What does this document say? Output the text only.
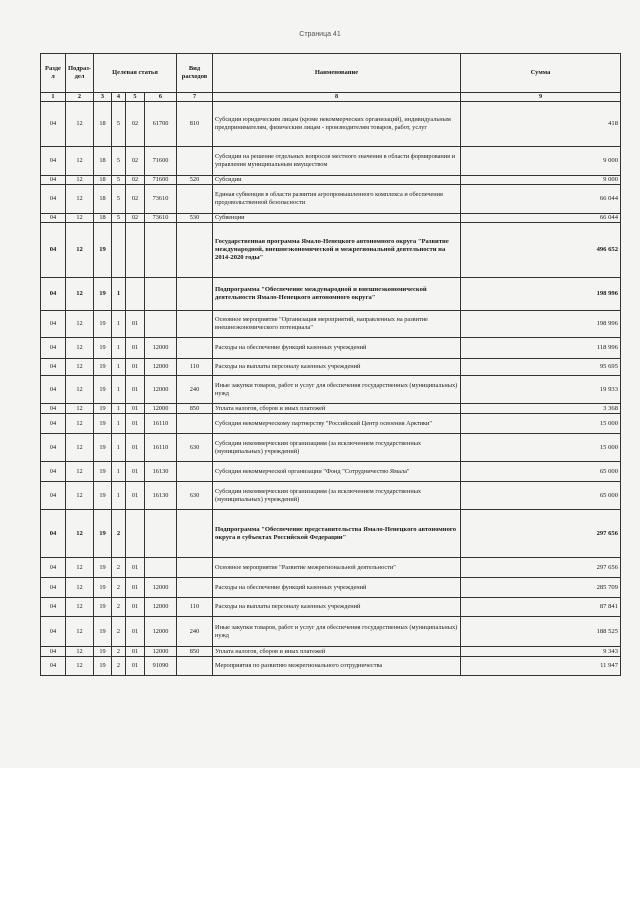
Страница 41
Разде л	Подраз- дел	Целевая статья				Вид расходов	Наименование	Сумма
1	2	3	4	5	6	7	8	9
04	12	18	5	02	61700	810	Субсидии юридическим лицам (кроме некоммерческих организаций), индивидуальным предпринимателям, физическим лицам - производителям товаров, работ, услуг	418
04	12	18	5	02	71600		Субсидии на решение отдельных вопросов местного значения в области формирования и управления муниципальным имуществом	9 000
04	12	18	5	02	71600	520	Субсидии	9 000
04	12	18	5	02	73610		Единая субвенция в области развития агропромышленного комплекса и обеспечения продовольственной безопасности	66 044
04	12	18	5	02	73610	530	Субвенции	66 044
04	12	19					Государственная программа Ямало-Ненецкого автономного округа "Развитие международной, внешнеэкономической и межрегиональной деятельности на 2014-2020 годы"	496 652
04	12	19	1				Подпрограмма "Обеспечение международной и внешнеэкономической деятельности Ямало-Ненецкого автономного округа"	198 996
04	12	19	1	01			Основное мероприятие "Организация мероприятий, направленных на развитие внешнеэкономического потенциала"	198 996
04	12	19	1	01	12000		Расходы на обеспечение функций казенных учреждений	118 996
04	12	19	1	01	12000	110	Расходы на выплаты персоналу казенных учреждений	95 695
04	12	19	1	01	12000	240	Иные закупки товаров, работ и услуг для обеспечения государственных (муниципальных) нужд	19 933
04	12	19	1	01	12000	850	Уплата налогов, сборов и иных платежей	3 368
04	12	19	1	01	16110		Субсидия некоммерческому партнерству "Российский Центр освоения Арктики"	15 000
04	12	19	1	01	16110	630	Субсидии некоммерческим организациям (за исключением государственных (муниципальных) учреждений)	15 000
04	12	19	1	01	16130		Субсидия некоммерческой организации "Фонд "Сотрудничество Ямала"	65 000
04	12	19	1	01	16130	630	Субсидии некоммерческим организациям (за исключением государственных (муниципальных) учреждений)	65 000
04	12	19	2				Подпрограмма "Обеспечение представительства Ямало-Ненецкого автономного округа в субъектах Российской Федерации"	297 656
04	12	19	2	01			Основное мероприятие "Развитие межрегиональной деятельности"	297 656
04	12	19	2	01	12000		Расходы на обеспечение функций казенных учреждений	285 709
04	12	19	2	01	12000	110	Расходы на выплаты персоналу казенных учреждений	87 841
04	12	19	2	01	12000	240	Иные закупки товаров, работ и услуг для обеспечения государственных (муниципальных) нужд	188 525
04	12	19	2	01	12000	850	Уплата налогов, сборов и иных платежей	9 343
04	12	19	2	01	91090		Мероприятия по развитию межрегионального сотрудничества	11 947
